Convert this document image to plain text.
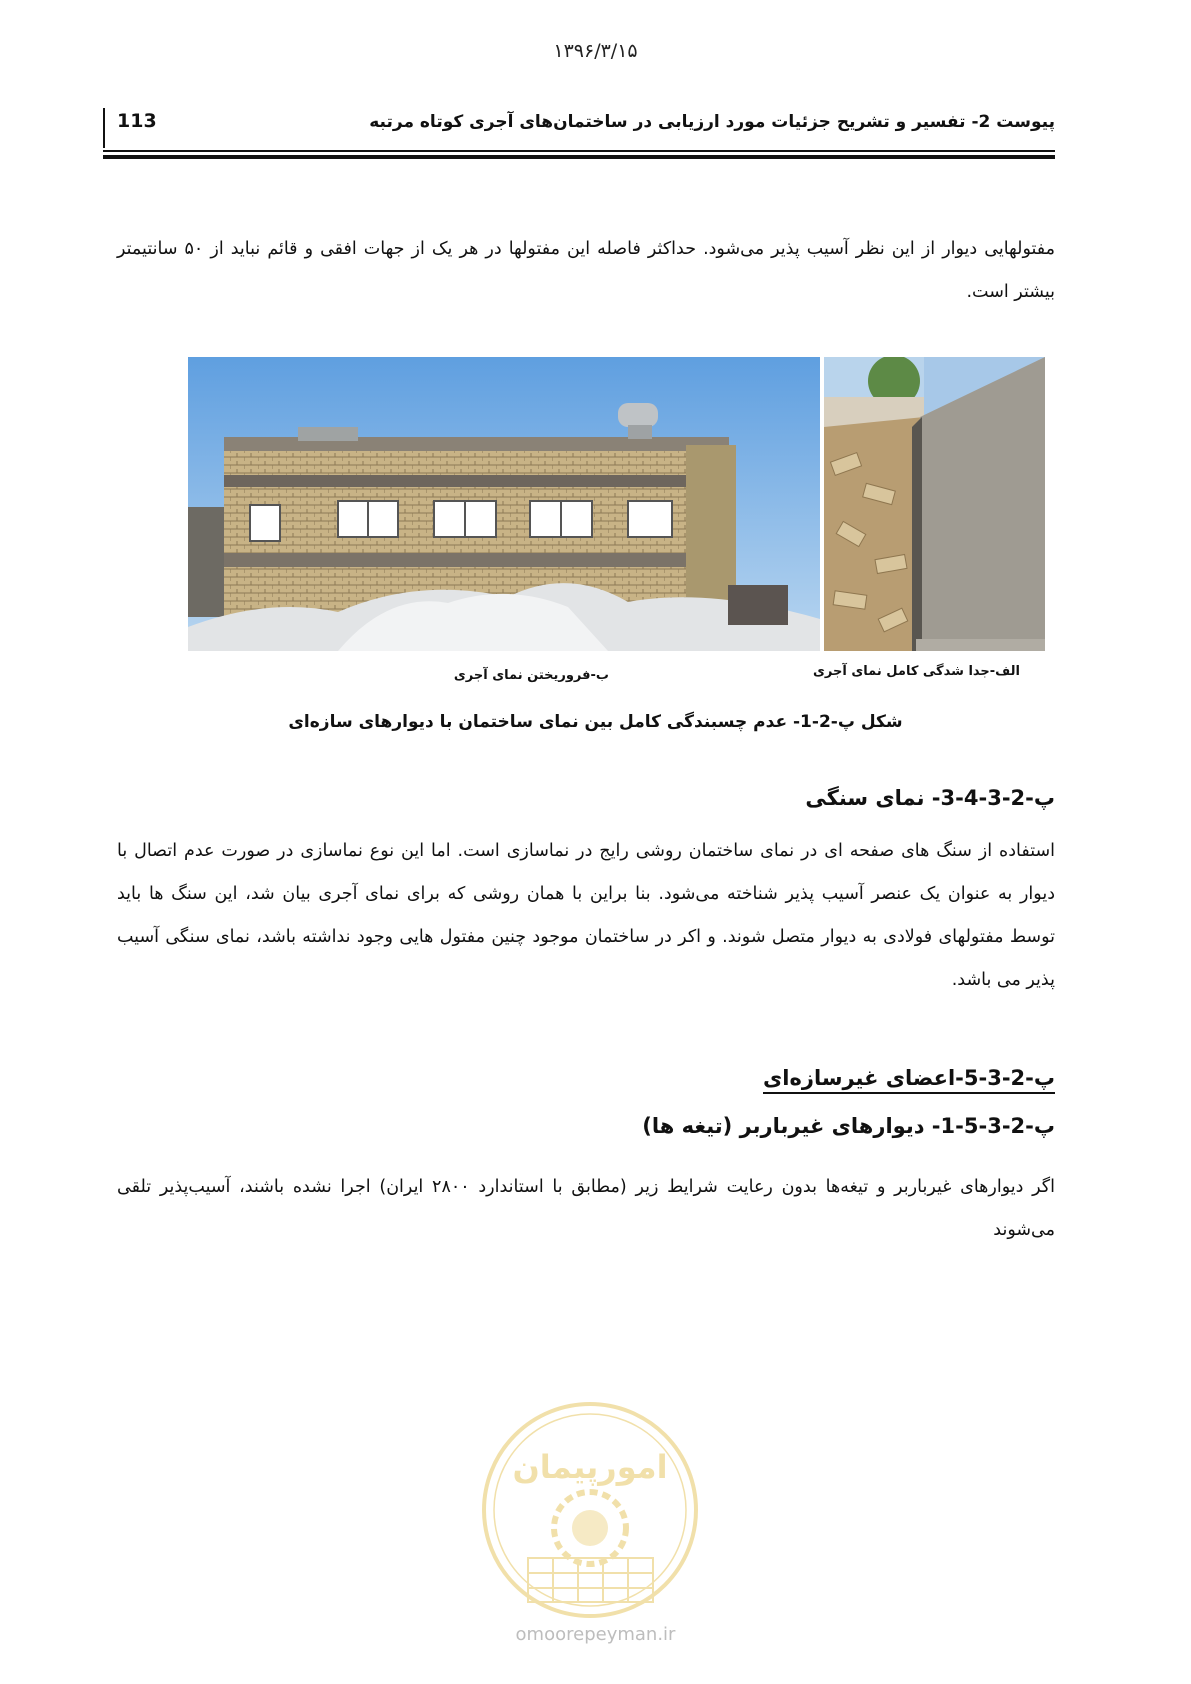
۱۳۹۶/۳/۱۵
113	پیوست 2- تفسیر و تشریح جزئیات مورد ارزیابی در ساختمان‌های آجری کوتاه مرتبه

مفتولهایی دیوار از این نظر آسیب پذیر می‌شود. حداکثر فاصله این مفتولها در هر یک از جهات افقی و قائم نباید از ۵۰ سانتیمتر بیشتر است.

الف-جدا شدگی کامل نمای آجری
ب-فروریختن نمای آجری
شکل پ-2-1- عدم چسبندگی کامل بین نمای ساختمان با دیوارهای سازه‌ای
پ-2-3-4-3- نمای سنگی

استفاده از سنگ های صفحه ای در نمای ساختمان روشی رایج در نماسازی است. اما این نوع نماسازی در صورت عدم اتصال با دیوار به عنوان یک عنصر آسیب پذیر شناخته می‌شود. بنا براین با همان روشی که برای نمای آجری بیان شد، این سنگ ها باید توسط مفتولهای فولادی به دیوار متصل شوند. و اکر در ساختمان موجود چنین مفتول هایی وجود نداشته باشد، نمای سنگی آسیب پذیر می باشد.

پ-2-3-5-اعضای غیرسازه‌ای
پ-2-3-5-1- دیوارهای غیرباربر (تیغه ها)

اگر دیوارهای غیرباربر و تیغه‌ها بدون رعایت شرایط زیر (مطابق با استاندارد ۲۸۰۰ ایران) اجرا نشده باشند، آسیب‌پذیر تلقی می‌شوند

امورپیمان
omoorepeyman.ir
